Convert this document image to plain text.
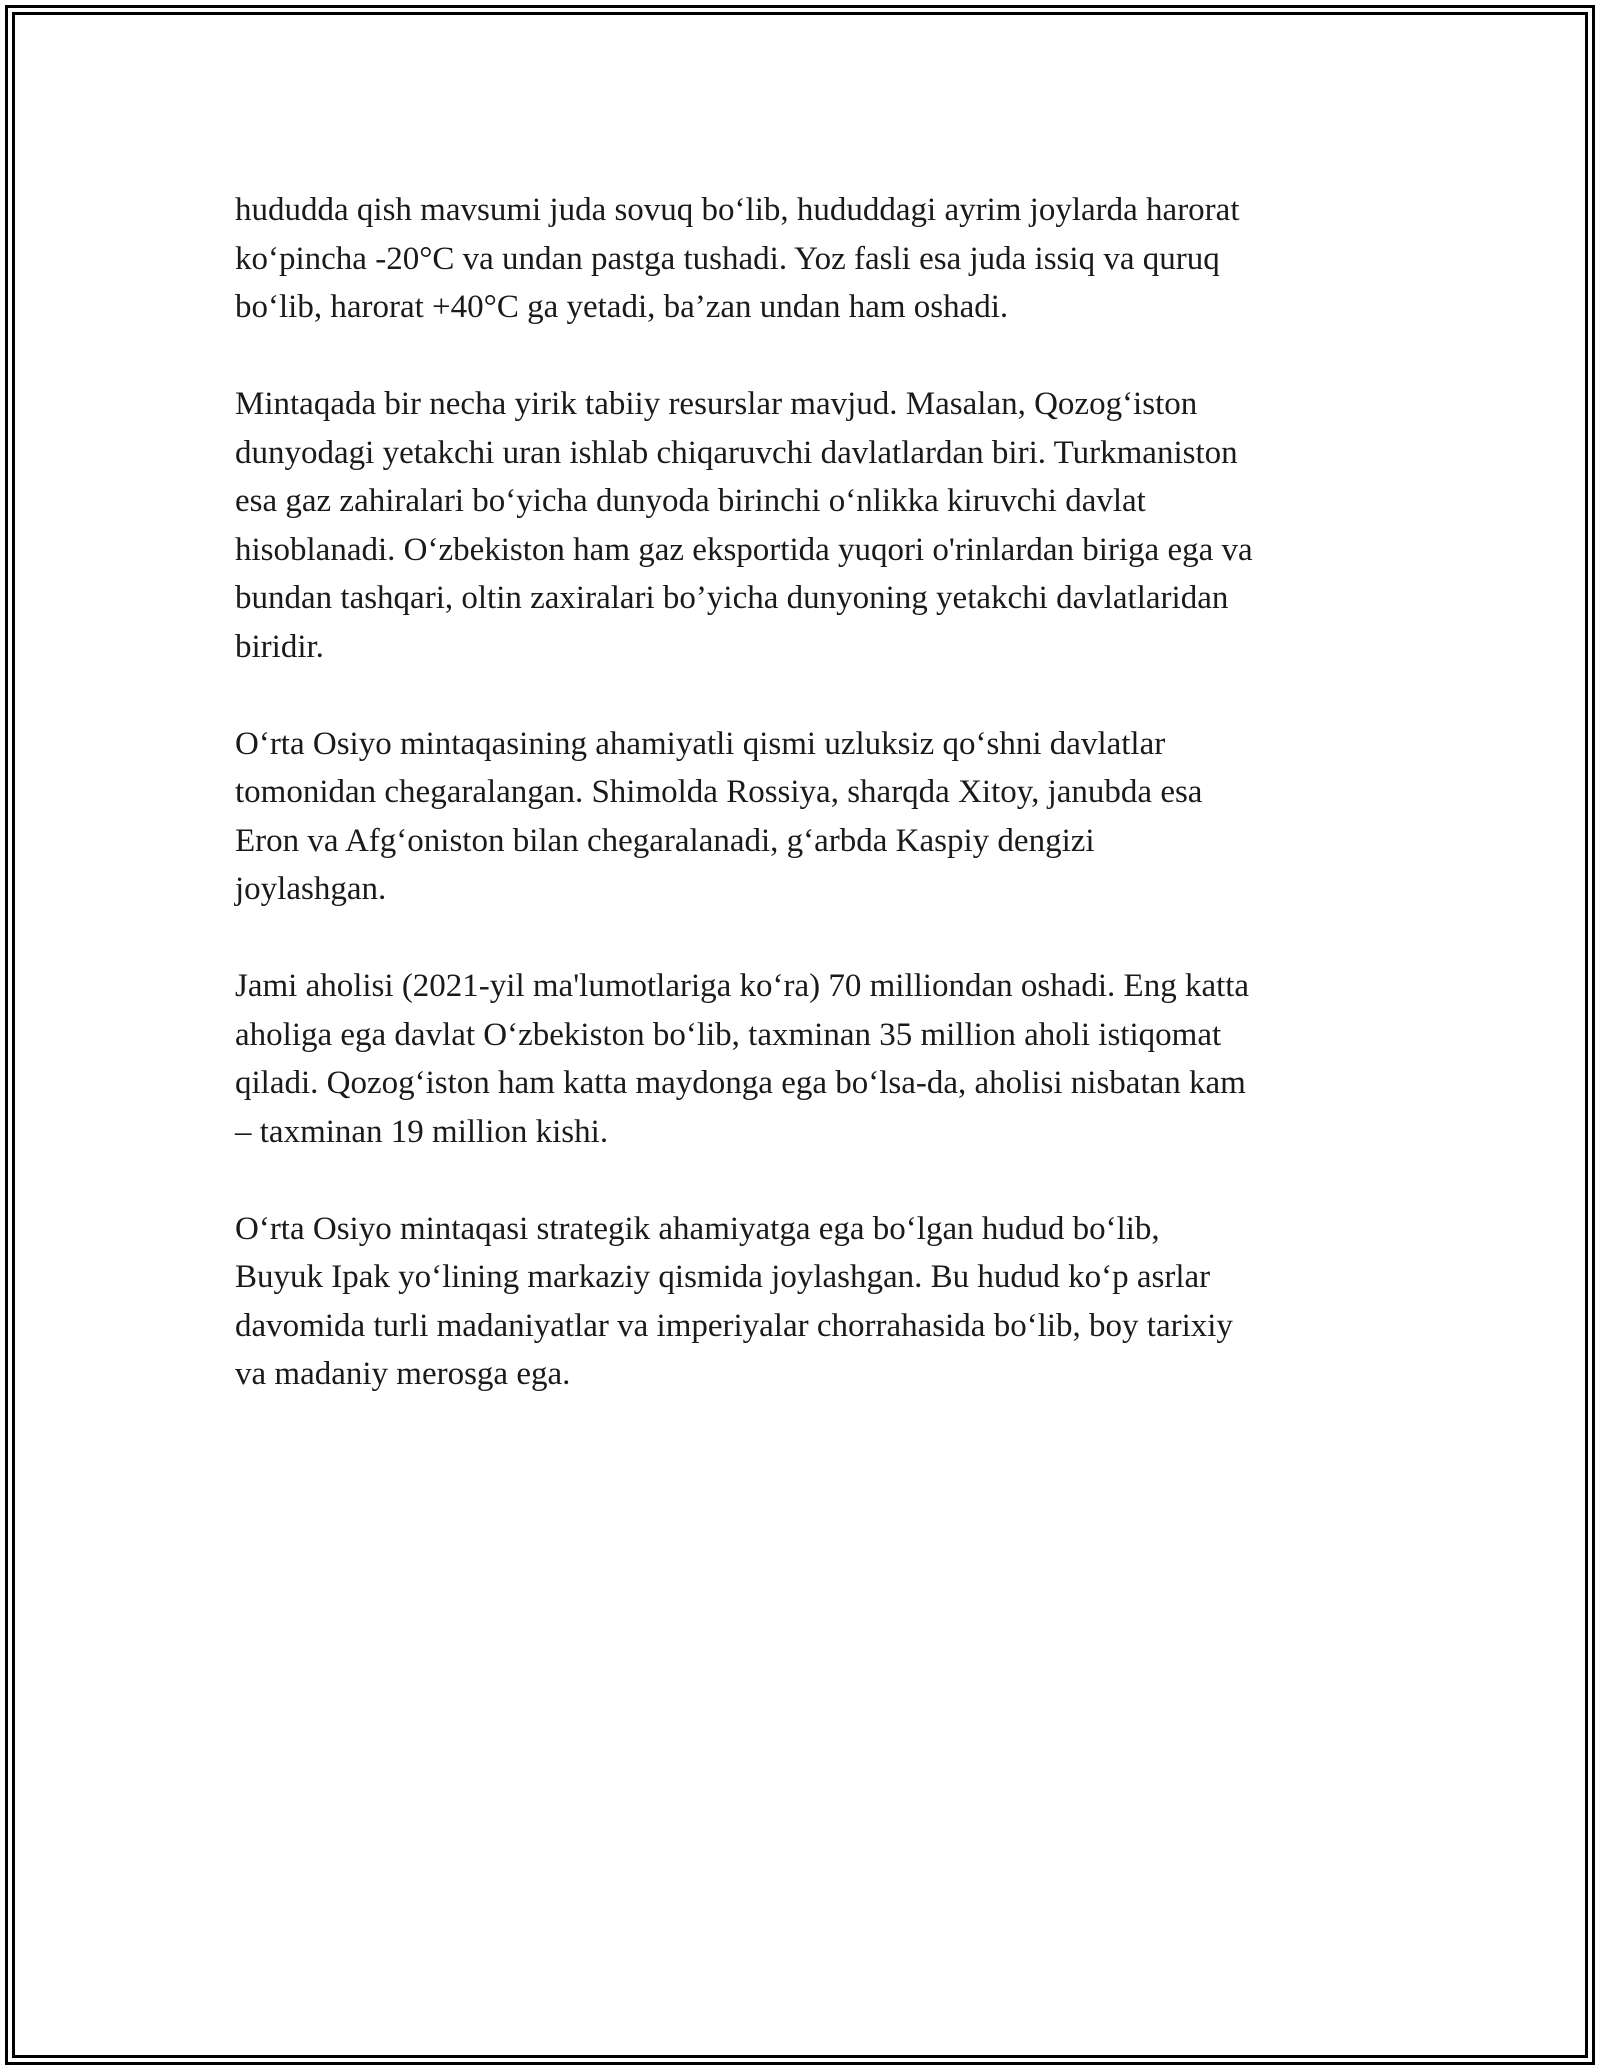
hududda qish mavsumi juda sovuq boʻlib, hududdagi ayrim joylarda harorat
koʻpincha -20°C va undan pastga tushadi. Yoz fasli esa juda issiq va quruq
boʻlib, harorat +40°C ga yetadi, ba’zan undan ham oshadi.

Mintaqada bir necha yirik tabiiy resurslar mavjud. Masalan, Qozogʻiston
dunyodagi yetakchi uran ishlab chiqaruvchi davlatlardan biri. Turkmaniston
esa gaz zahiralari boʻyicha dunyoda birinchi oʻnlikka kiruvchi davlat
hisoblanadi. Oʻzbekiston ham gaz eksportida yuqori o'rinlardan biriga ega va
bundan tashqari, oltin zaxiralari bo’yicha dunyoning yetakchi davlatlaridan
biridir.

Oʻrta Osiyo mintaqasining ahamiyatli qismi uzluksiz qoʻshni davlatlar
tomonidan chegaralangan. Shimolda Rossiya, sharqda Xitoy, janubda esa
Eron va Afgʻoniston bilan chegaralanadi, gʻarbda Kaspiy dengizi
joylashgan.

Jami aholisi (2021-yil ma'lumotlariga koʻra) 70 milliondan oshadi. Eng katta
aholiga ega davlat Oʻzbekiston boʻlib, taxminan 35 million aholi istiqomat
qiladi. Qozogʻiston ham katta maydonga ega boʻlsa-da, aholisi nisbatan kam
– taxminan 19 million kishi.

Oʻrta Osiyo mintaqasi strategik ahamiyatga ega boʻlgan hudud boʻlib,
Buyuk Ipak yoʻlining markaziy qismida joylashgan. Bu hudud koʻp asrlar
davomida turli madaniyatlar va imperiyalar chorrahasida boʻlib, boy tarixiy
va madaniy merosga ega.
